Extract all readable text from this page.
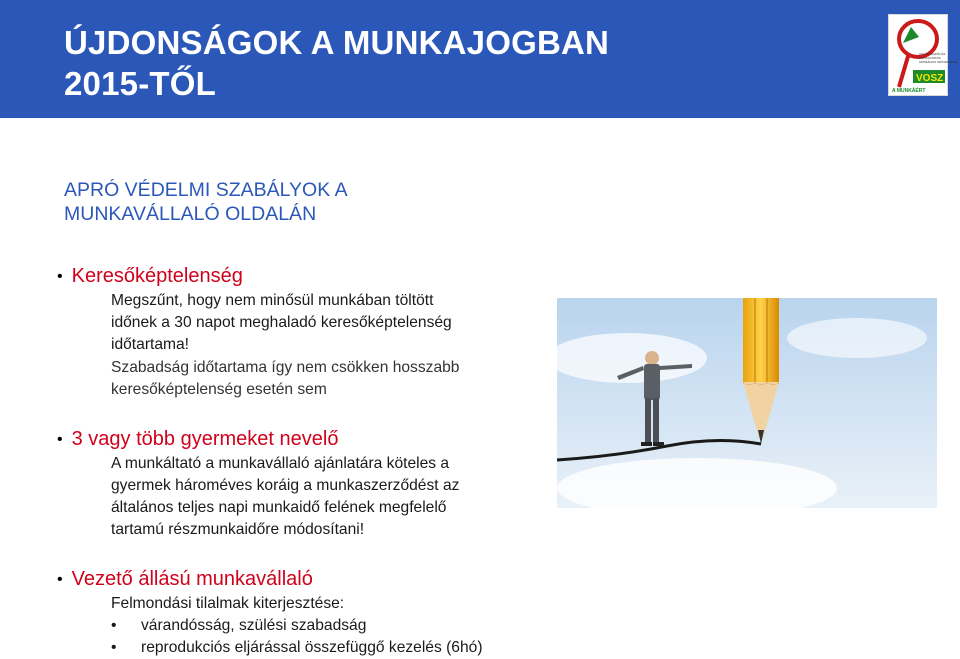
ÚJDONSÁGOK A MUNKAJOGBAN
2015-TŐL	VOSZ
VÁLLALKOZÓK ÉS
MUNKÁLTATÓK
ORSZÁGOS SZÖVETSÉGE
A MUNKÁÉRT
APRÓ VÉDELMI SZABÁLYOK A
MUNKAVÁLLALÓ OLDALÁN
• Keresőképtelenség
Megszűnt, hogy nem minősül munkában töltött
időnek a 30 napot meghaladó keresőképtelenség
időtartama!
Szabadság időtartama így nem csökken hosszabb
keresőképtelenség esetén sem
• 3 vagy több gyermeket nevelő
A munkáltató a munkavállaló ajánlatára köteles a
gyermek hároméves koráig a munkaszerződést az
általános teljes napi munkaidő felének megfelelő
tartamú részmunkaidőre módosítani!
• Vezető állású munkavállaló
Felmondási tilalmak kiterjesztése:
• várandósság, szülési szabadság
• reprodukciós eljárással összefüggő kezelés (6hó)
